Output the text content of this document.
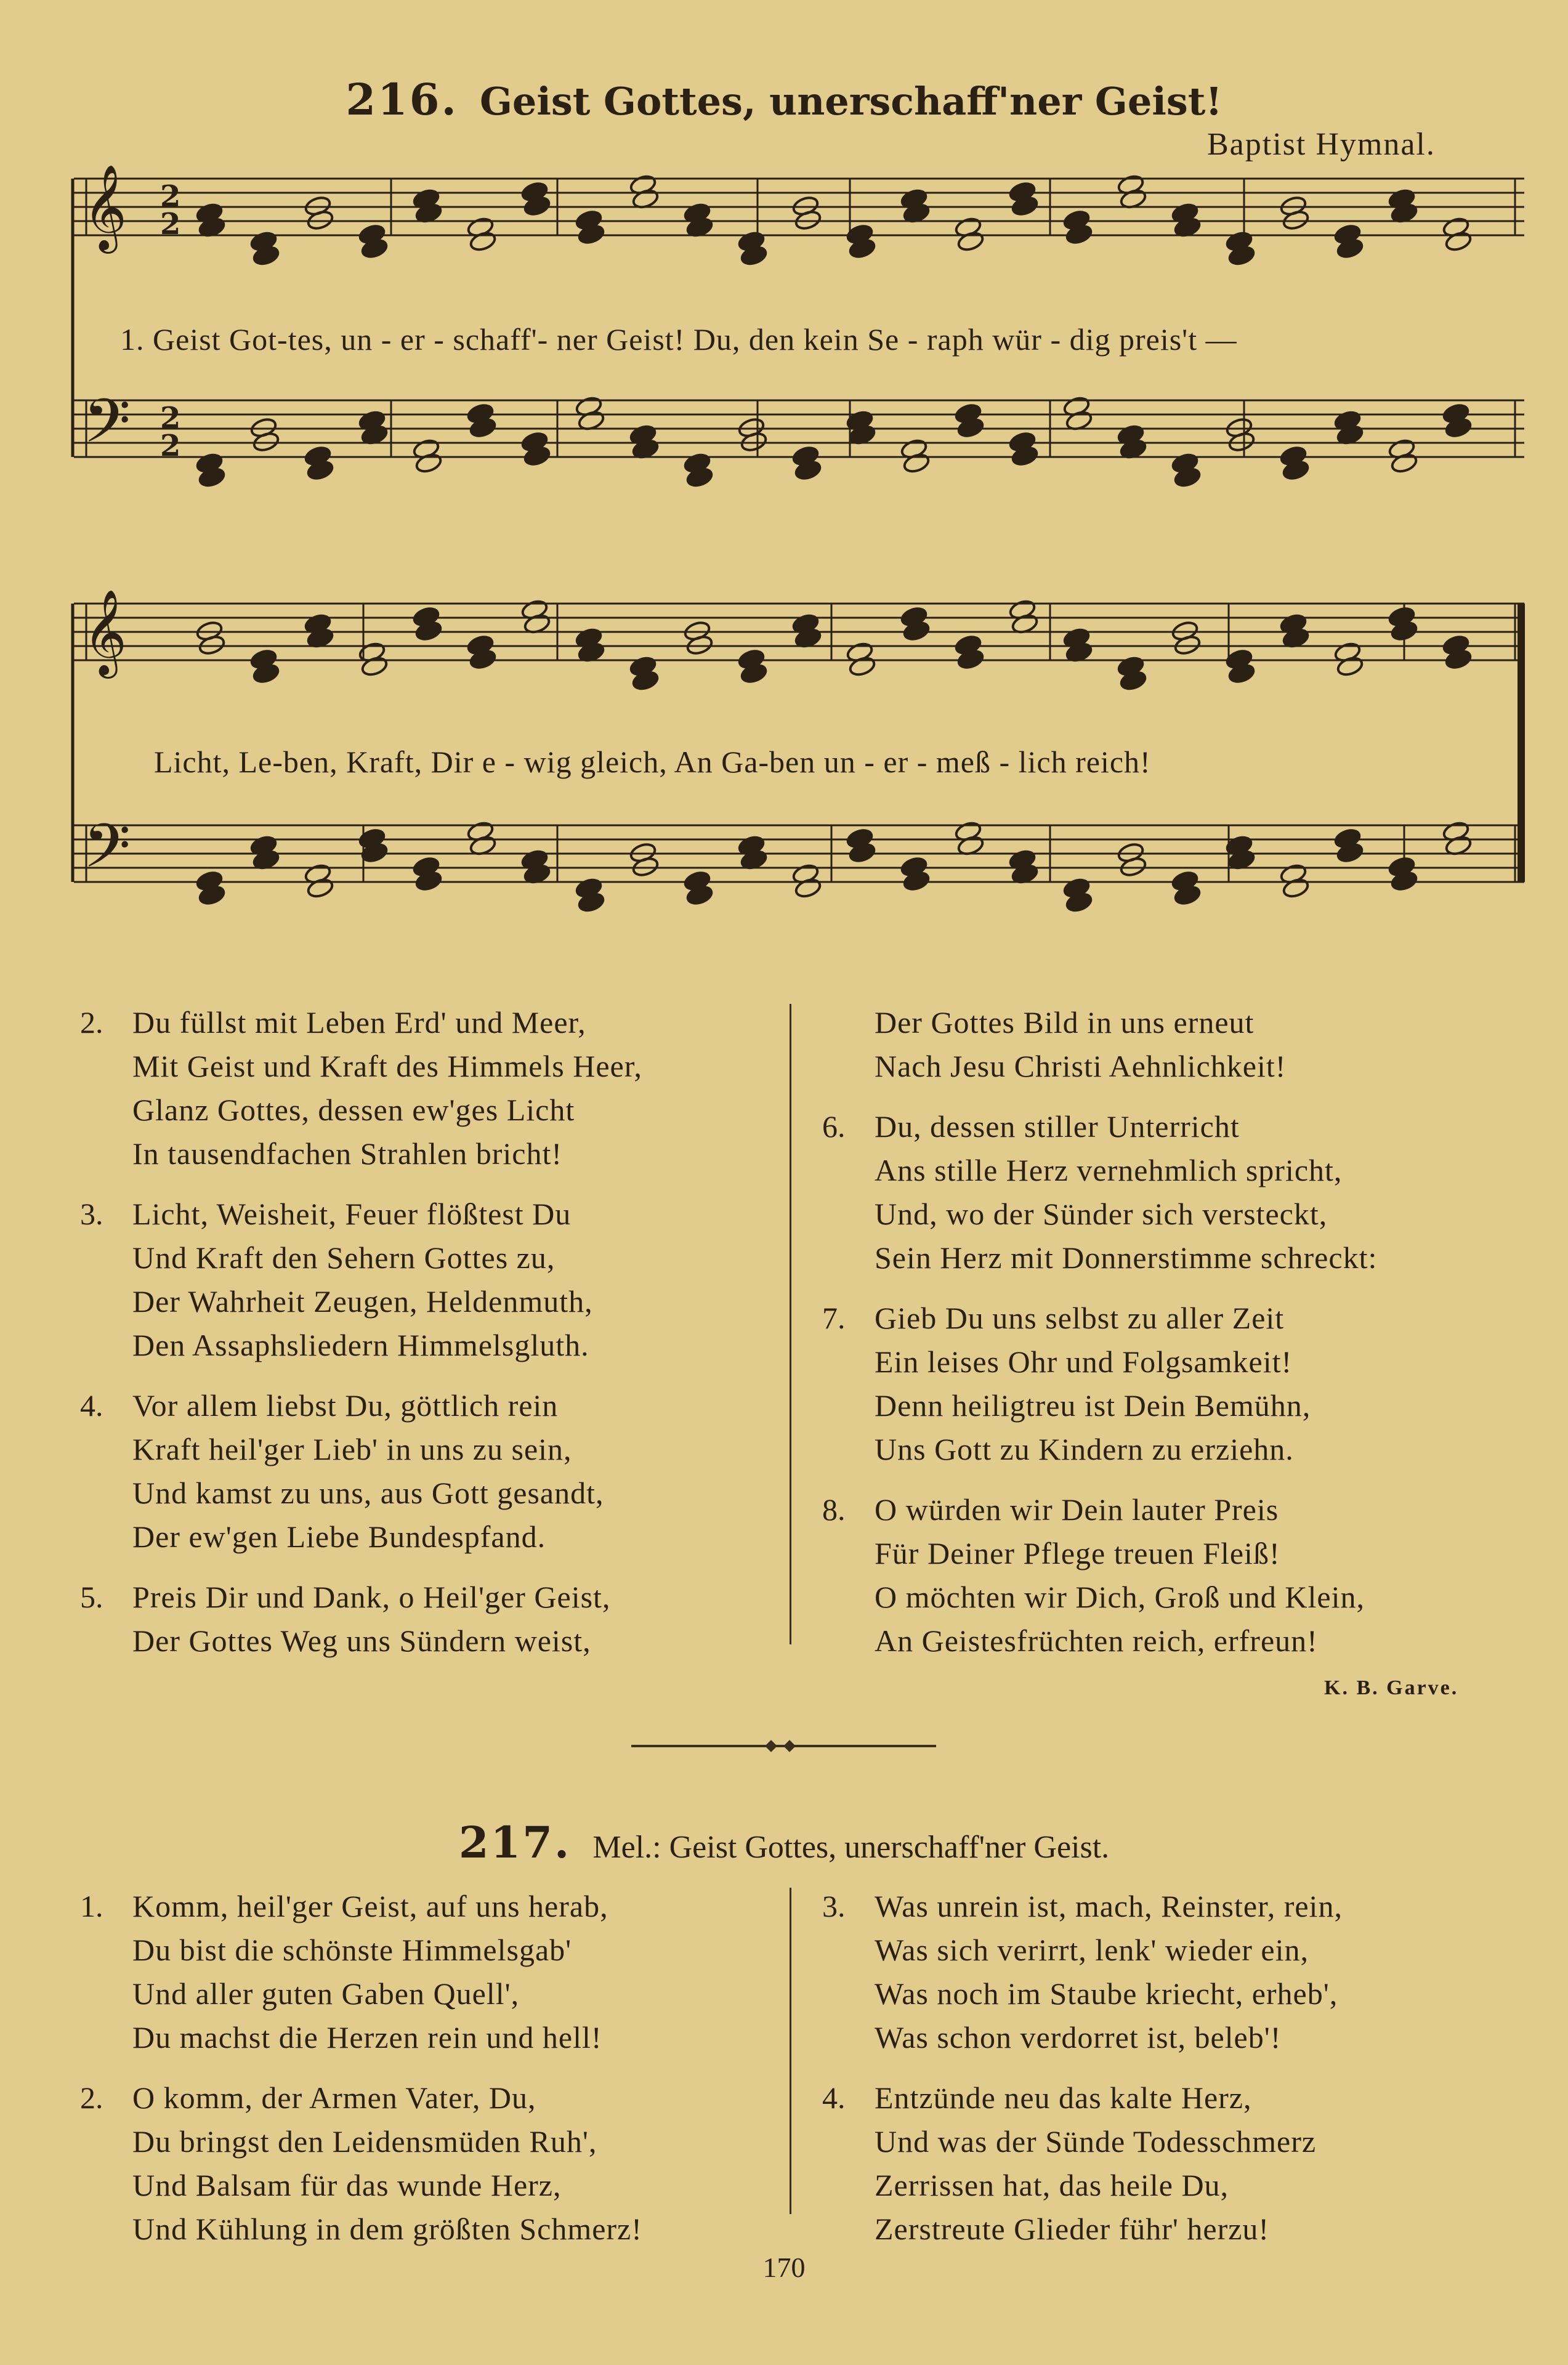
216. Geist Gottes, unerschaff'ner Geist!
Baptist Hymnal.
𝄞 2
2
𝄢 2
2
𝄞
𝄢
1. Geist Got-tes, un - er - schaff'- ner Geist! Du, den kein Se - raph wür - dig preis't —
Licht, Le-ben, Kraft, Dir e - wig gleich, An Ga-ben un - er - meß - lich reich!
2. Du füllst mit Leben Erd' und Meer,
Mit Geist und Kraft des Himmels Heer,
Glanz Gottes, dessen ew'ges Licht
In tausendfachen Strahlen bricht!
3. Licht, Weisheit, Feuer flößtest Du
Und Kraft den Sehern Gottes zu,
Der Wahrheit Zeugen, Heldenmuth,
Den Assaphsliedern Himmelsgluth.
4. Vor allem liebst Du, göttlich rein
Kraft heil'ger Lieb' in uns zu sein,
Und kamst zu uns, aus Gott gesandt,
Der ew'gen Liebe Bundespfand.
5. Preis Dir und Dank, o Heil'ger Geist,
Der Gottes Weg uns Sündern weist,
Der Gottes Bild in uns erneut
Nach Jesu Christi Aehnlichkeit!
6. Du, dessen stiller Unterricht
Ans stille Herz vernehmlich spricht,
Und, wo der Sünder sich versteckt,
Sein Herz mit Donnerstimme schreckt:
7. Gieb Du uns selbst zu aller Zeit
Ein leises Ohr und Folgsamkeit!
Denn heiligtreu ist Dein Bemühn,
Uns Gott zu Kindern zu erziehn.
8. O würden wir Dein lauter Preis
Für Deiner Pflege treuen Fleiß!
O möchten wir Dich, Groß und Klein,
An Geistesfrüchten reich, erfreun!
K. B. Garve.
217. Mel.: Geist Gottes, unerschaff'ner Geist.
1. Komm, heil'ger Geist, auf uns herab,
Du bist die schönste Himmelsgab'
Und aller guten Gaben Quell',
Du machst die Herzen rein und hell!
2. O komm, der Armen Vater, Du,
Du bringst den Leidensmüden Ruh',
Und Balsam für das wunde Herz,
Und Kühlung in dem größten Schmerz!
3. Was unrein ist, mach, Reinster, rein,
Was sich verirrt, lenk' wieder ein,
Was noch im Staube kriecht, erheb',
Was schon verdorret ist, beleb'!
4. Entzünde neu das kalte Herz,
Und was der Sünde Todesschmerz
Zerrissen hat, das heile Du,
Zerstreute Glieder führ' herzu!
170
